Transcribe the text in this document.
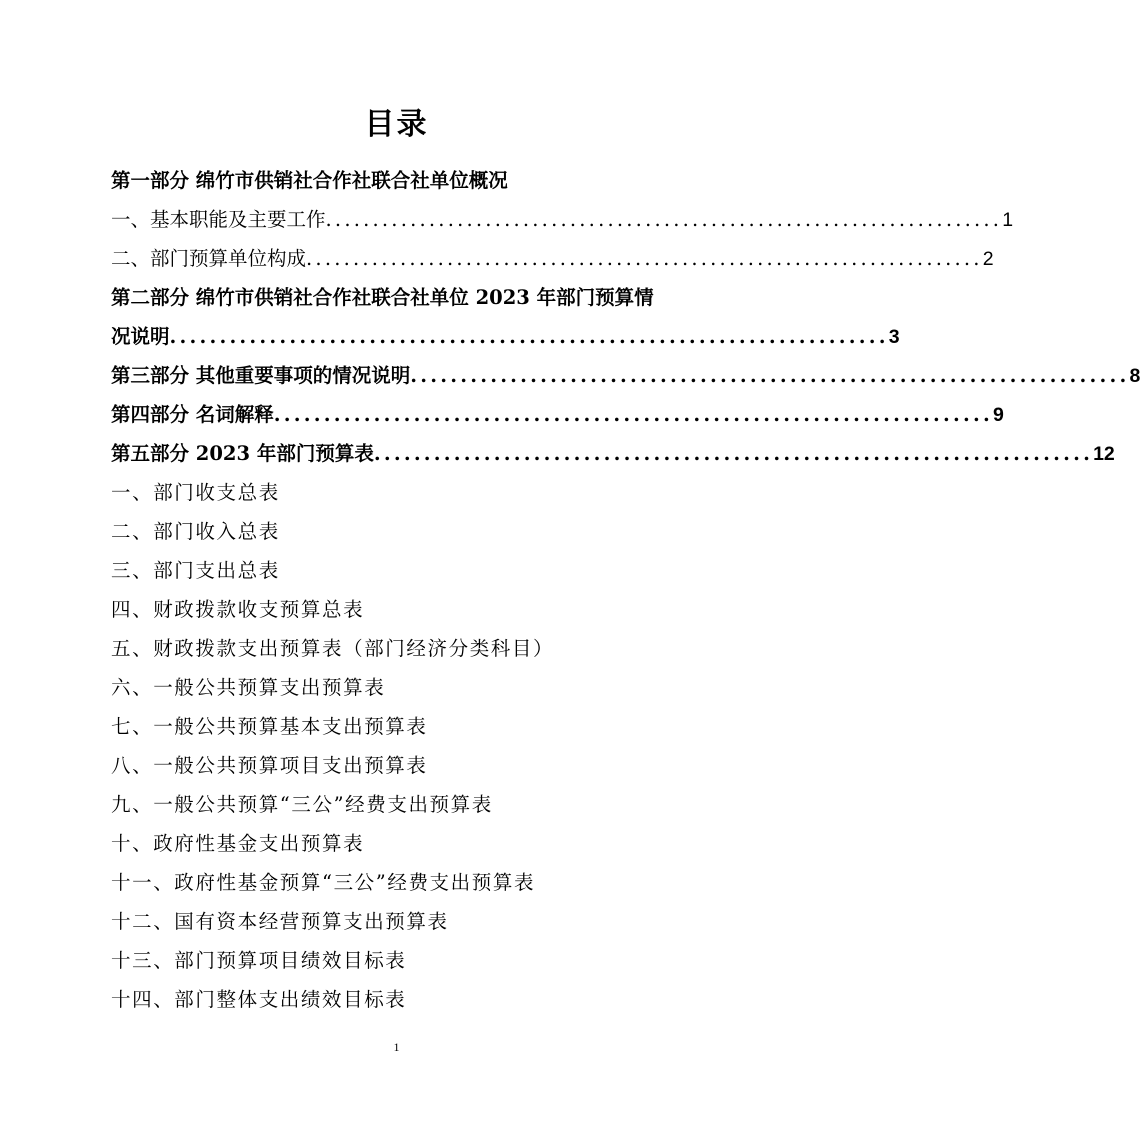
目录
第一部分 绵竹市供销社合作社联合社单位概况
一、基本职能及主要工作 ........................................................................ 1
二、部门预算单位构成 ........................................................................ 2
第二部分 绵竹市供销社合作社联合社单位 2023 年部门预算情
况说明 ........................................................................ 3
第三部分 其他重要事项的情况说明 ........................................................................ 8
第四部分 名词解释 ........................................................................ 9
第五部分 2023 年部门预算表 ........................................................................ 12
一、部门收支总表
二、部门收入总表
三、部门支出总表
四、财政拨款收支预算总表
五、财政拨款支出预算表（部门经济分类科目）
六、一般公共预算支出预算表
七、一般公共预算基本支出预算表
八、一般公共预算项目支出预算表
九、一般公共预算“三公”经费支出预算表
十、政府性基金支出预算表
十一、政府性基金预算“三公”经费支出预算表
十二、国有资本经营预算支出预算表
十三、部门预算项目绩效目标表
十四、部门整体支出绩效目标表
1
